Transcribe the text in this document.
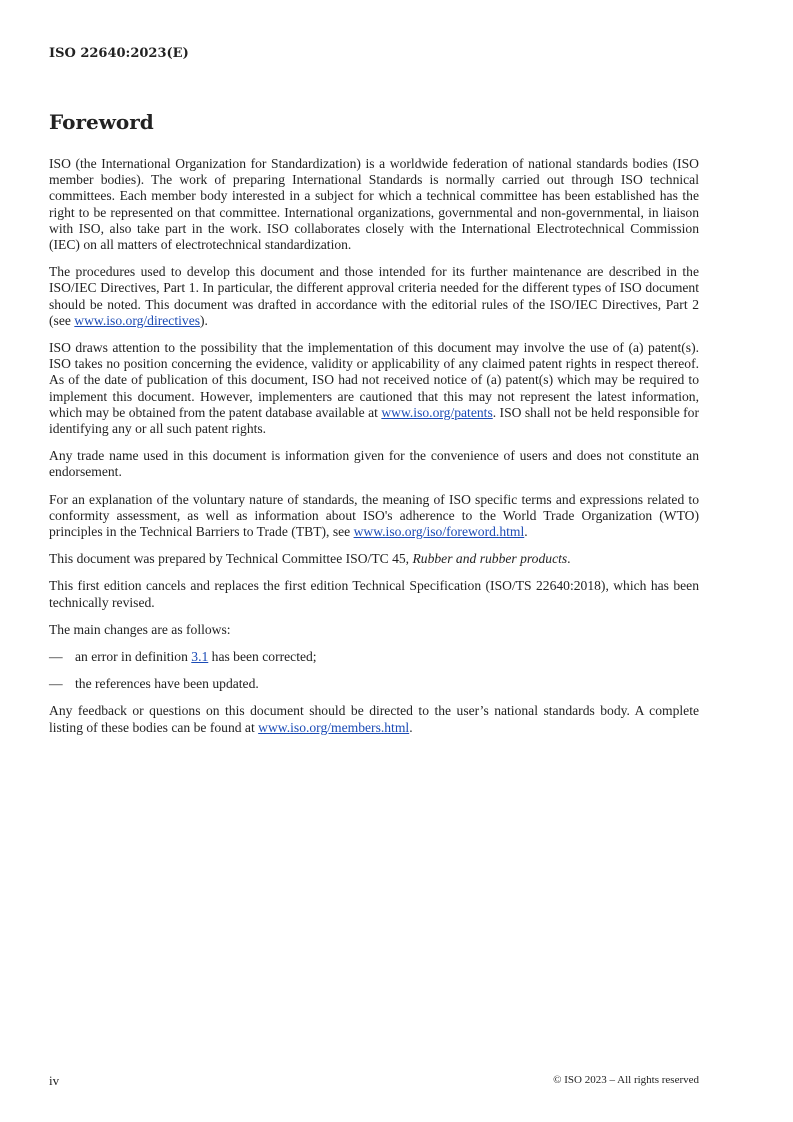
ISO 22640:2023(E)
Foreword

ISO (the International Organization for Standardization) is a worldwide federation of national standards bodies (ISO member bodies). The work of preparing International Standards is normally carried out through ISO technical committees. Each member body interested in a subject for which a technical committee has been established has the right to be represented on that committee. International organizations, governmental and non-governmental, in liaison with ISO, also take part in the work. ISO collaborates closely with the International Electrotechnical Commission (IEC) on all matters of electrotechnical standardization.

The procedures used to develop this document and those intended for its further maintenance are described in the ISO/IEC Directives, Part 1. In particular, the different approval criteria needed for the different types of ISO document should be noted. This document was drafted in accordance with the editorial rules of the ISO/IEC Directives, Part 2 (see www.iso.org/directives).

ISO draws attention to the possibility that the implementation of this document may involve the use of (a) patent(s). ISO takes no position concerning the evidence, validity or applicability of any claimed patent rights in respect thereof. As of the date of publication of this document, ISO had not received notice of (a) patent(s) which may be required to implement this document. However, implementers are cautioned that this may not represent the latest information, which may be obtained from the patent database available at www.iso.org/patents. ISO shall not be held responsible for identifying any or all such patent rights.

Any trade name used in this document is information given for the convenience of users and does not constitute an endorsement.

For an explanation of the voluntary nature of standards, the meaning of ISO specific terms and expressions related to conformity assessment, as well as information about ISO's adherence to the World Trade Organization (WTO) principles in the Technical Barriers to Trade (TBT), see www.iso.org/iso/foreword.html.

This document was prepared by Technical Committee ISO/TC 45, Rubber and rubber products.

This first edition cancels and replaces the first edition Technical Specification (ISO/TS 22640:2018), which has been technically revised.

The main changes are as follows:

— an error in definition 3.1 has been corrected;
— the references have been updated.

Any feedback or questions on this document should be directed to the user’s national standards body. A complete listing of these bodies can be found at www.iso.org/members.html.

iv	© ISO 2023 – All rights reserved
